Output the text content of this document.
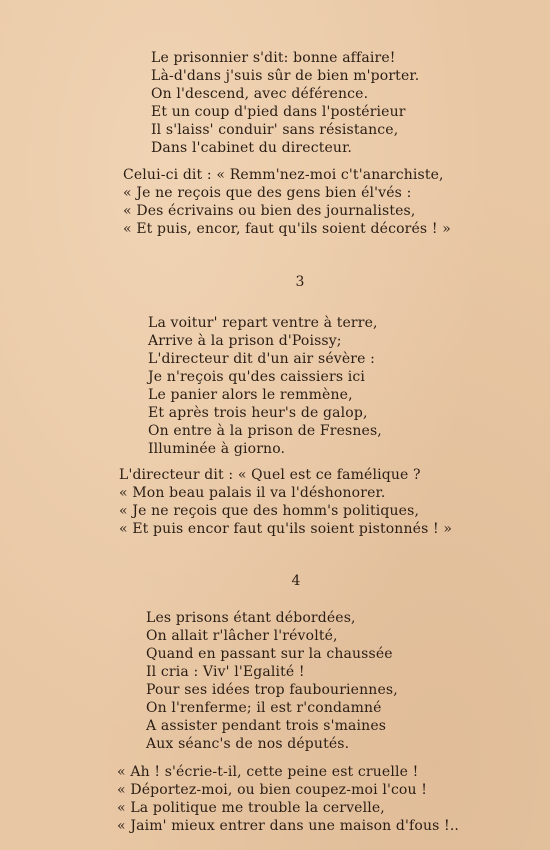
Le prisonnier s'dit: bonne affaire!
Là-d'dans j'suis sûr de bien m'porter.
On l'descend, avec déférence.
Et un coup d'pied dans l'postérieur
Il s'laiss' conduir' sans résistance,
Dans l'cabinet du directeur.
Celui-ci dit : « Remm'nez-moi c't'anarchiste,
« Je ne reçois que des gens bien él'vés :
« Des écrivains ou bien des journalistes,
« Et puis, encor, faut qu'ils soient décorés ! »
3
La voitur' repart ventre à terre,
Arrive à la prison d'Poissy;
L'directeur dit d'un air sévère :
Je n'reçois qu'des caissiers ici
Le panier alors le remmène,
Et après trois heur's de galop,
On entre à la prison de Fresnes,
Illuminée à giorno.
L'directeur dit : « Quel est ce famélique ?
« Mon beau palais il va l'déshonorer.
« Je ne reçois que des homm's politiques,
« Et puis encor faut qu'ils soient pistonnés ! »
4
Les prisons étant débordées,
On allait r'lâcher l'révolté,
Quand en passant sur la chaussée
Il cria : Viv' l'Egalité !
Pour ses idées trop faubouriennes,
On l'renferme; il est r'condamné
A assister pendant trois s'maines
Aux séanc's de nos députés.
« Ah ! s'écrie-t-il, cette peine est cruelle !
« Déportez-moi, ou bien coupez-moi l'cou !
« La politique me trouble la cervelle,
« Jaim' mieux entrer dans une maison d'fous !..
